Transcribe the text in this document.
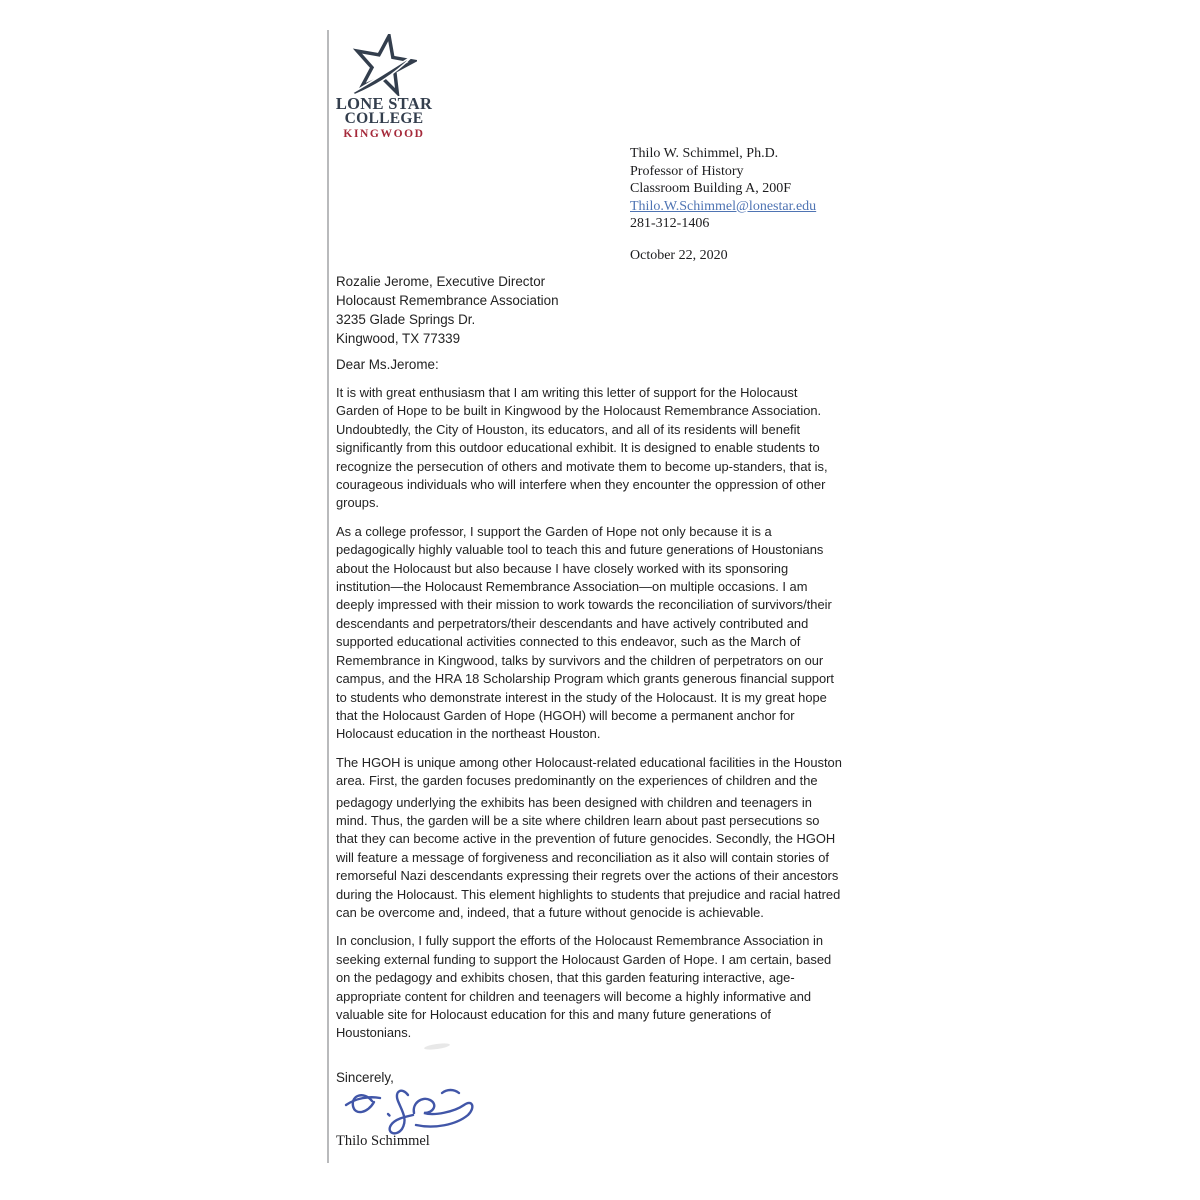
LONE STAR
COLLEGE
KINGWOOD
Thilo W. Schimmel, Ph.D.
Professor of History
Classroom Building A, 200F
Thilo.W.Schimmel@lonestar.edu
281-312-1406
October 22, 2020
Rozalie Jerome, Executive Director
Holocaust Remembrance Association
3235 Glade Springs Dr.
Kingwood, TX 77339
Dear Ms.Jerome:

It is with great enthusiasm that I am writing this letter of support for the Holocaust Garden of Hope to be built in Kingwood by the Holocaust Remembrance Association. Undoubtedly, the City of Houston, its educators, and all of its residents will benefit significantly from this outdoor educational exhibit. It is designed to enable students to recognize the persecution of others and motivate them to become up-standers, that is, courageous individuals who will interfere when they encounter the oppression of other groups.

As a college professor, I support the Garden of Hope not only because it is a pedagogically highly valuable tool to teach this and future generations of Houstonians about the Holocaust but also because I have closely worked with its sponsoring institution—the Holocaust Remembrance Association—on multiple occasions. I am deeply impressed with their mission to work towards the reconciliation of survivors/their descendants and perpetrators/their descendants and have actively contributed and supported educational activities connected to this endeavor, such as the March of Remembrance in Kingwood, talks by survivors and the children of perpetrators on our campus, and the HRA 18 Scholarship Program which grants generous financial support to students who demonstrate interest in the study of the Holocaust. It is my great hope that the Holocaust Garden of Hope (HGOH) will become a permanent anchor for Holocaust education in the northeast Houston.

The HGOH is unique among other Holocaust-related educational facilities in the Houston area. First, the garden focuses predominantly on the experiences of children and the

pedagogy underlying the exhibits has been designed with children and teenagers in mind. Thus, the garden will be a site where children learn about past persecutions so that they can become active in the prevention of future genocides. Secondly, the HGOH will feature a message of forgiveness and reconciliation as it also will contain stories of remorseful Nazi descendants expressing their regrets over the actions of their ancestors during the Holocaust. This element highlights to students that prejudice and racial hatred can be overcome and, indeed, that a future without genocide is achievable.

In conclusion, I fully support the efforts of the Holocaust Remembrance Association in seeking external funding to support the Holocaust Garden of Hope. I am certain, based on the pedagogy and exhibits chosen, that this garden featuring interactive, age-appropriate content for children and teenagers will become a highly informative and valuable site for Holocaust education for this and many future generations of Houstonians.

Sincerely,
Thilo Schimmel
